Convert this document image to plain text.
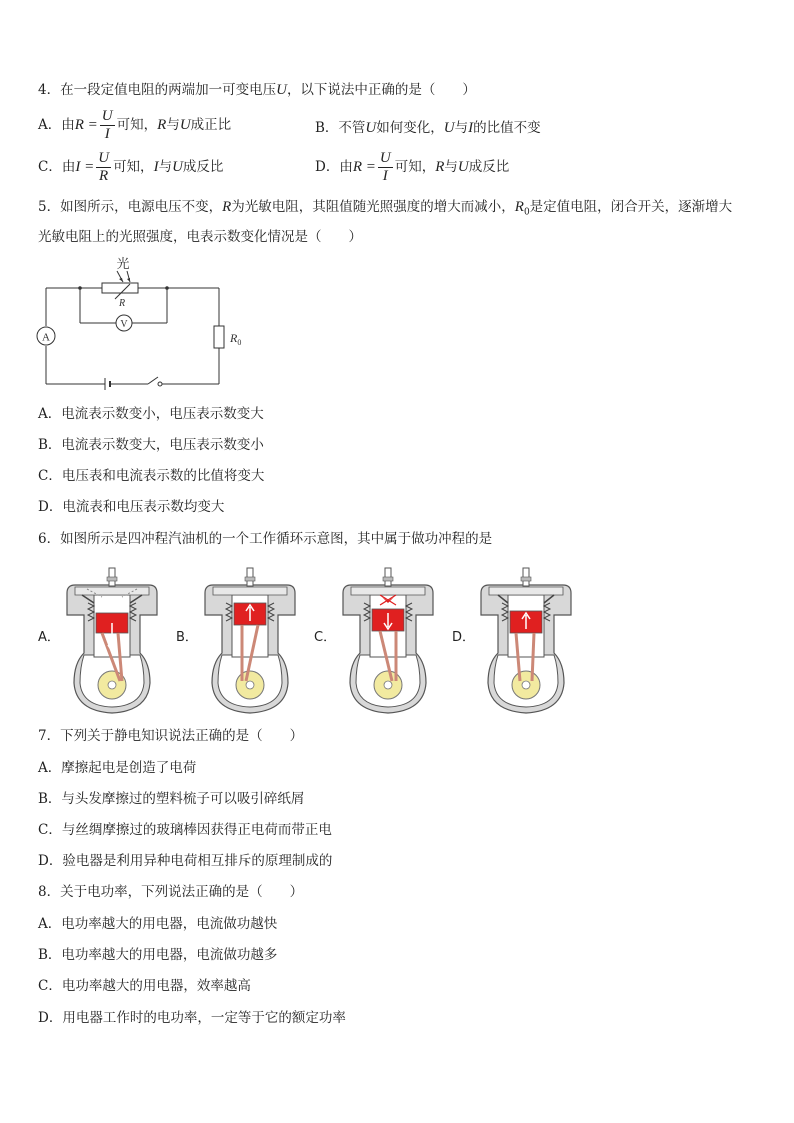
4．在一段定值电阻的两端加一可变电压U，以下说法中正确的是（　　）
A．由$R = \frac{U}{I}$ 可知，R与U成正比	B．不管U如何变化，U与I的比值不变
C．由$I = \frac{U}{R}$ 可知，I与U成反比	D．由$R = \frac{U}{I}$ 可知，R与U成反比
5．如图所示，电源电压不变，R为光敏电阻，其阻值随光照强度的增大而减小，$R_0$是定值电阻，闭合开关，逐渐增大
光敏电阻上的光照强度，电表示数变化情况是（　　）
A
V
光
R
$R_0$
A．电流表示数变小，电压表示数变大
B．电流表示数变大，电压表示数变小
C．电压表和电流表示数的比值将变大
D．电流表和电压表示数均变大
6．如图所示是四冲程汽油机的一个工作循环示意图，其中属于做功冲程的是
A．	B．	C．	D．
7．下列关于静电知识说法正确的是（　　）
A．摩擦起电是创造了电荷
B．与头发摩擦过的塑料梳子可以吸引碎纸屑
C．与丝绸摩擦过的玻璃棒因获得正电荷而带正电
D．验电器是利用异种电荷相互排斥的原理制成的
8．关于电功率，下列说法正确的是（　　）
A．电功率越大的用电器，电流做功越快
B．电功率越大的用电器，电流做功越多
C．电功率越大的用电器，效率越高
D．用电器工作时的电功率，一定等于它的额定功率
